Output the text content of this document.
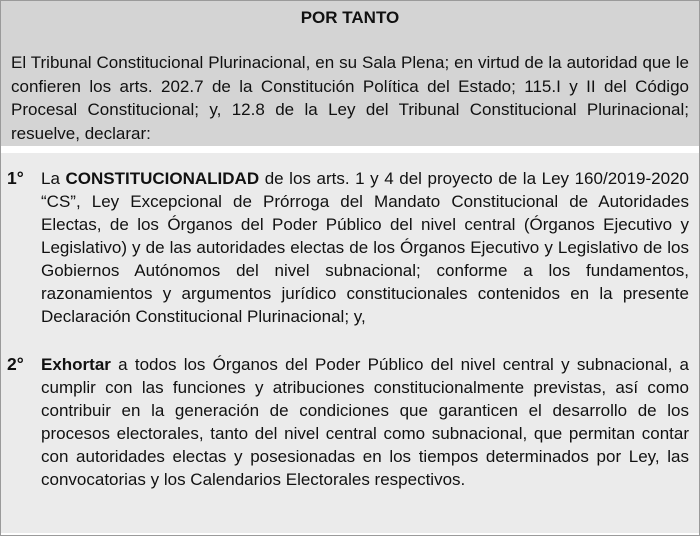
POR TANTO

El Tribunal Constitucional Plurinacional, en su Sala Plena; en virtud de la autoridad que le confieren los arts. 202.7 de la Constitución Política del Estado; 115.I y II del Código Procesal Constitucional; y, 12.8 de la Ley del Tribunal Constitucional Plurinacional; resuelve, declarar:

1°	La CONSTITUCIONALIDAD de los arts. 1 y 4 del proyecto de la Ley 160/2019-2020 “CS”, Ley Excepcional de Prórroga del Mandato Constitucional de Autoridades Electas, de los Órganos del Poder Público del nivel central (Órganos Ejecutivo y Legislativo) y de las autoridades electas de los Órganos Ejecutivo y Legislativo de los Gobiernos Autónomos del nivel subnacional; conforme a los fundamentos, razonamientos y argumentos jurídico constitucionales contenidos en la presente Declaración Constitucional Plurinacional; y,
2°	Exhortar a todos los Órganos del Poder Público del nivel central y subnacional, a cumplir con las funciones y atribuciones constitucionalmente previstas, así como contribuir en la generación de condiciones que garanticen el desarrollo de los procesos electorales, tanto del nivel central como subnacional, que permitan contar con autoridades electas y posesionadas en los tiempos determinados por Ley, las convocatorias y los Calendarios Electorales respectivos.
